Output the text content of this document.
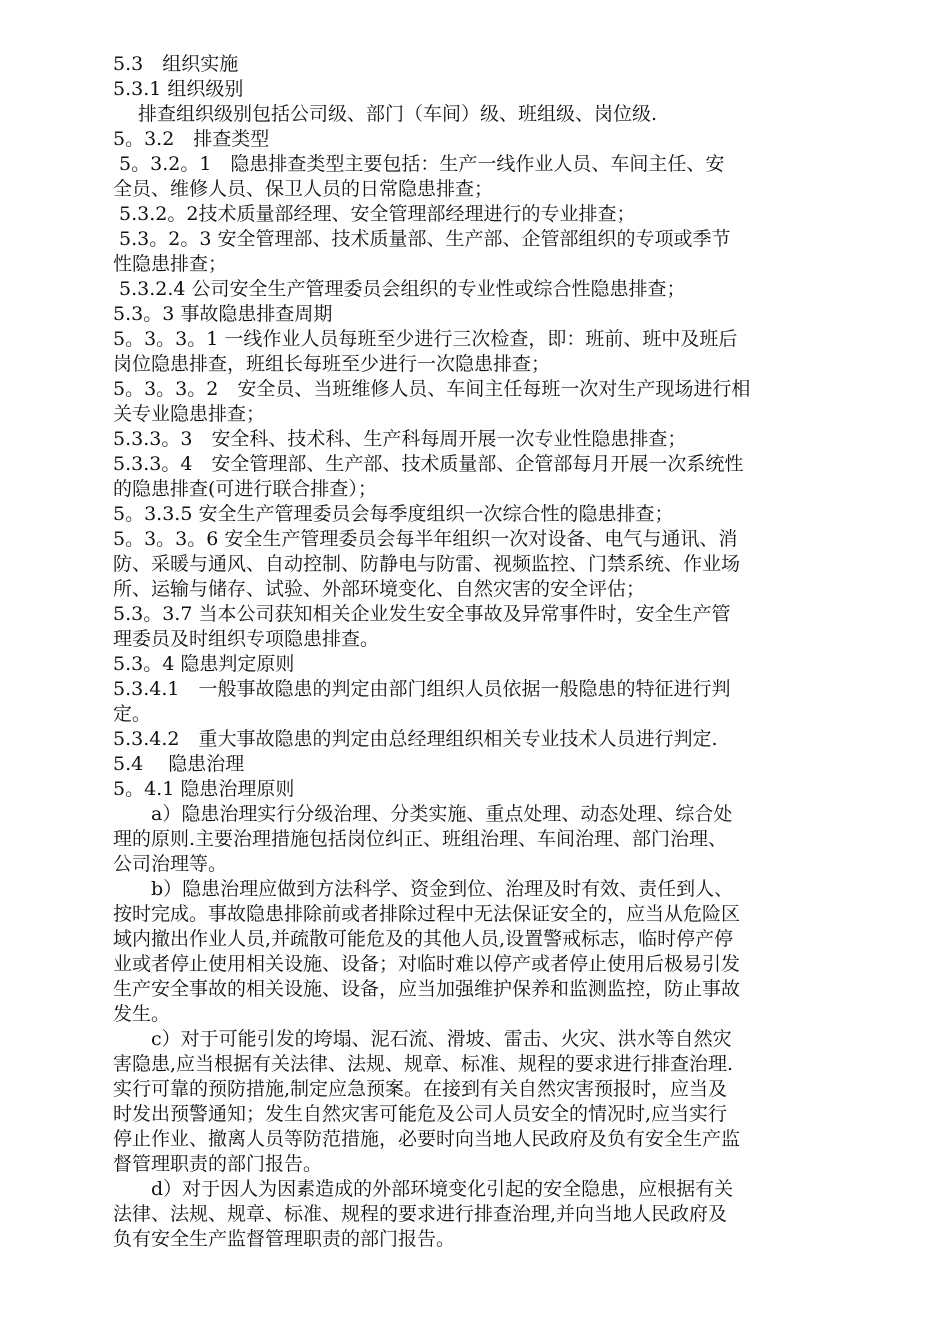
5.3　组织实施
5.3.1 组织级别
　 排查组织级别包括公司级、部门（车间）级、班组级、岗位级.
5。3.2　排查类型
5。3.2。1　隐患排查类型主要包括：生产一线作业人员、车间主任、安
全员、维修人员、保卫人员的日常隐患排查；
5.3.2。2技术质量部经理、安全管理部经理进行的专业排查；
5.3。2。3 安全管理部、技术质量部、生产部、企管部组织的专项或季节
性隐患排查；
5.3.2.4 公司安全生产管理委员会组织的专业性或综合性隐患排查；
5.3。3 事故隐患排查周期
5。3。3。1 一线作业人员每班至少进行三次检查，即：班前、班中及班后
岗位隐患排查，班组长每班至少进行一次隐患排查；
5。3。3。2　安全员、当班维修人员、车间主任每班一次对生产现场进行相
关专业隐患排查；
5.3.3。3　安全科、技术科、生产科每周开展一次专业性隐患排查；
5.3.3。4　安全管理部、生产部、技术质量部、企管部每月开展一次系统性
的隐患排查(可进行联合排查）；
5。3.3.5 安全生产管理委员会每季度组织一次综合性的隐患排查；
5。3。3。6 安全生产管理委员会每半年组织一次对设备、电气与通讯、消
防、采暖与通风、自动控制、防静电与防雷、视频监控、门禁系统、作业场
所、运输与储存、试验、外部环境变化、自然灾害的安全评估；
5.3。3.7 当本公司获知相关企业发生安全事故及异常事件时，安全生产管
理委员及时组织专项隐患排查。
5.3。4 隐患判定原则
5.3.4.1　一般事故隐患的判定由部门组织人员依据一般隐患的特征进行判
定。
5.3.4.2　重大事故隐患的判定由总经理组织相关专业技术人员进行判定.
5.4　 隐患治理
5。4.1 隐患治理原则
　　a）隐患治理实行分级治理、分类实施、重点处理、动态处理、综合处
理的原则.主要治理措施包括岗位纠正、班组治理、车间治理、部门治理、
公司治理等。
　　b）隐患治理应做到方法科学、资金到位、治理及时有效、责任到人、
按时完成。事故隐患排除前或者排除过程中无法保证安全的，应当从危险区
域内撤出作业人员,并疏散可能危及的其他人员,设置警戒标志，临时停产停
业或者停止使用相关设施、设备；对临时难以停产或者停止使用后极易引发
生产安全事故的相关设施、设备，应当加强维护保养和监测监控，防止事故
发生。
　　c）对于可能引发的垮塌、泥石流、滑坡、雷击、火灾、洪水等自然灾
害隐患,应当根据有关法律、法规、规章、标准、规程的要求进行排查治理.
实行可靠的预防措施,制定应急预案。在接到有关自然灾害预报时，应当及
时发出预警通知；发生自然灾害可能危及公司人员安全的情况时,应当实行
停止作业、撤离人员等防范措施，必要时向当地人民政府及负有安全生产监
督管理职责的部门报告。
　　d）对于因人为因素造成的外部环境变化引起的安全隐患，应根据有关
法律、法规、规章、标准、规程的要求进行排查治理,并向当地人民政府及
负有安全生产监督管理职责的部门报告。
